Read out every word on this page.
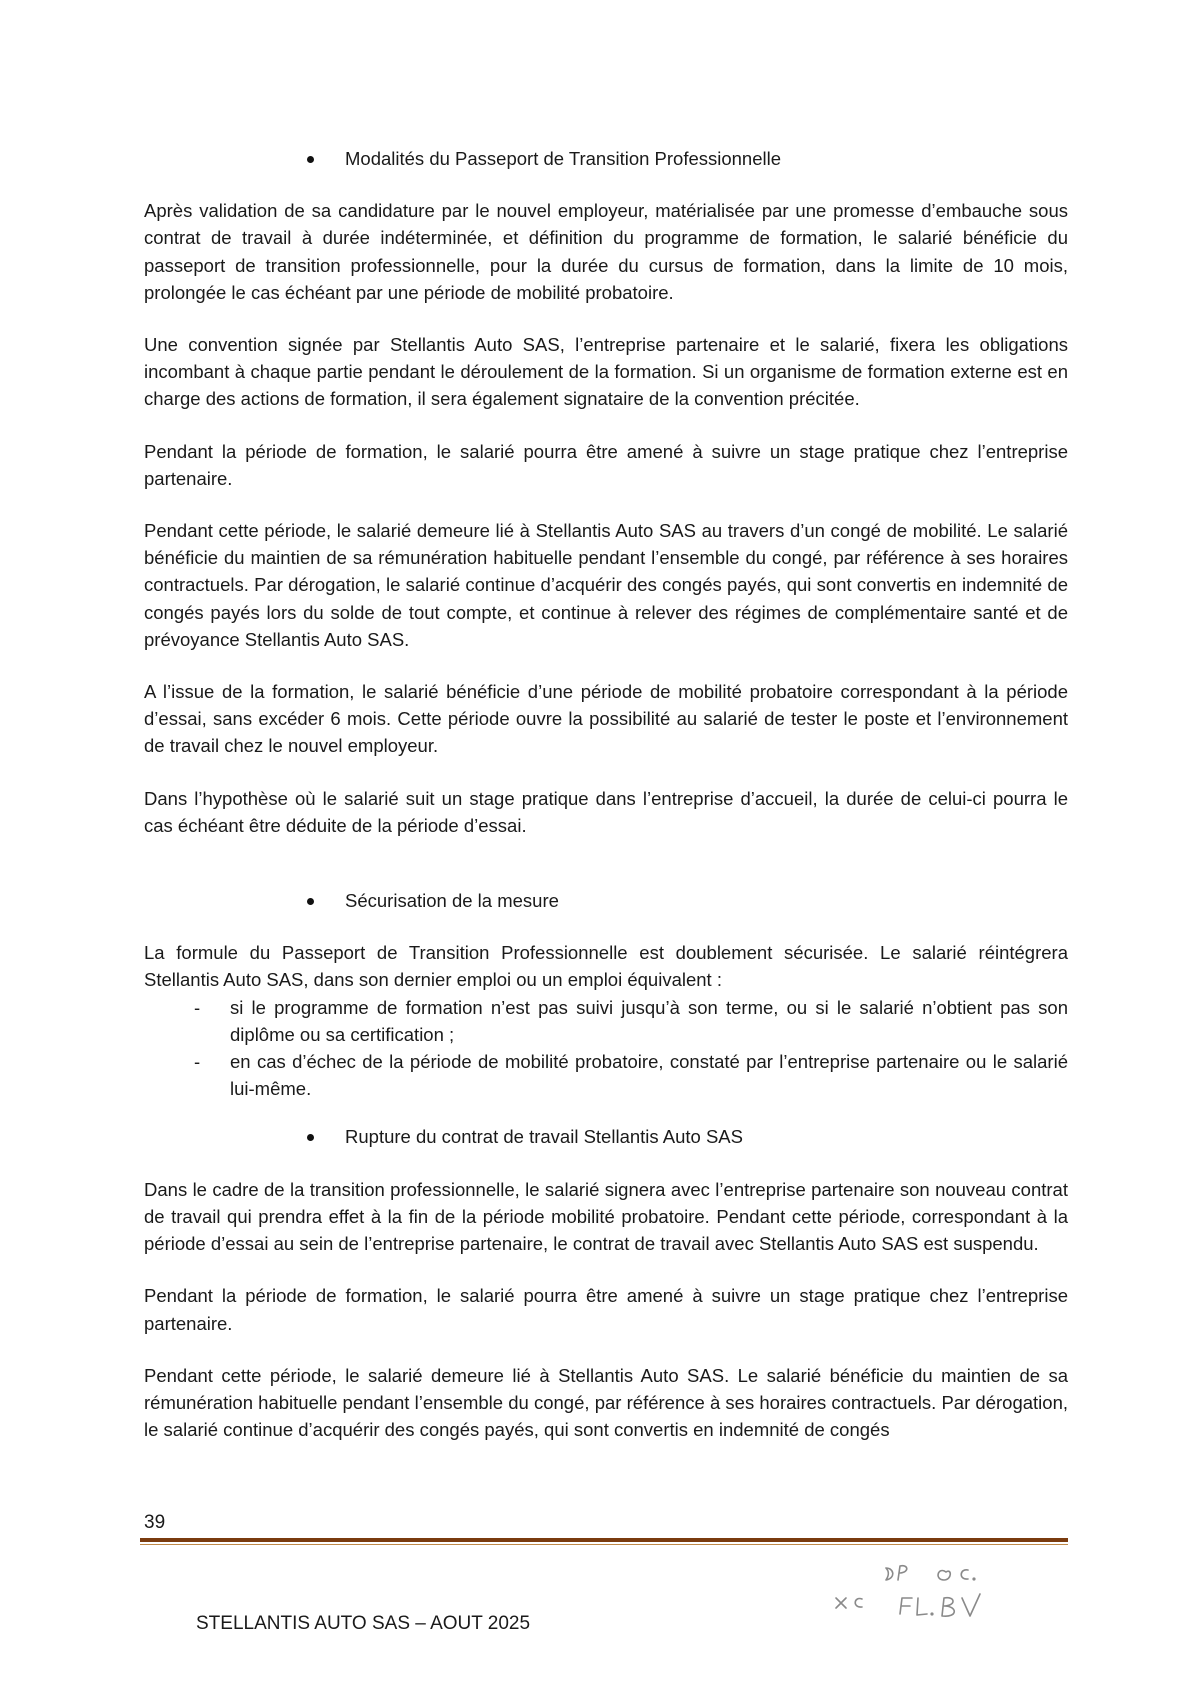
Modalités du Passeport de Transition Professionnelle

Après validation de sa candidature par le nouvel employeur, matérialisée par une promesse d’embauche sous contrat de travail à durée indéterminée, et définition du programme de formation, le salarié bénéficie du passeport de transition professionnelle, pour la durée du cursus de formation, dans la limite de 10 mois, prolongée le cas échéant par une période de mobilité probatoire.

Une convention signée par Stellantis Auto SAS, l’entreprise partenaire et le salarié, fixera les obligations incombant à chaque partie pendant le déroulement de la formation. Si un organisme de formation externe est en charge des actions de formation, il sera également signataire de la convention précitée.

Pendant la période de formation, le salarié pourra être amené à suivre un stage pratique chez l’entreprise partenaire.

Pendant cette période, le salarié demeure lié à Stellantis Auto SAS au travers d’un congé de mobilité. Le salarié bénéficie du maintien de sa rémunération habituelle pendant l’ensemble du congé, par référence à ses horaires contractuels. Par dérogation, le salarié continue d’acquérir des congés payés, qui sont convertis en indemnité de congés payés lors du solde de tout compte, et continue à relever des régimes de complémentaire santé et de prévoyance Stellantis Auto SAS.

A l’issue de la formation, le salarié bénéficie d’une période de mobilité probatoire correspondant à la période d’essai, sans excéder 6 mois. Cette période ouvre la possibilité au salarié de tester le poste et l’environnement de travail chez le nouvel employeur.

Dans l’hypothèse où le salarié suit un stage pratique dans l’entreprise d’accueil, la durée de celui-ci pourra le cas échéant être déduite de la période d’essai.

Sécurisation de la mesure

La formule du Passeport de Transition Professionnelle est doublement sécurisée. Le salarié réintégrera Stellantis Auto SAS, dans son dernier emploi ou un emploi équivalent :

- si le programme de formation n’est pas suivi jusqu’à son terme, ou si le salarié n’obtient pas son diplôme ou sa certification ;
- en cas d’échec de la période de mobilité probatoire, constaté par l’entreprise partenaire ou le salarié lui-même.
Rupture du contrat de travail Stellantis Auto SAS

Dans le cadre de la transition professionnelle, le salarié signera avec l’entreprise partenaire son nouveau contrat de travail qui prendra effet à la fin de la période mobilité probatoire. Pendant cette période, correspondant à la période d’essai au sein de l’entreprise partenaire, le contrat de travail avec Stellantis Auto SAS est suspendu.

Pendant la période de formation, le salarié pourra être amené à suivre un stage pratique chez l’entreprise partenaire.

Pendant cette période, le salarié demeure lié à Stellantis Auto SAS. Le salarié bénéficie du maintien de sa rémunération habituelle pendant l’ensemble du congé, par référence à ses horaires contractuels. Par dérogation, le salarié continue d’acquérir des congés payés, qui sont convertis en indemnité de congés

39
STELLANTIS AUTO SAS – AOUT 2025
